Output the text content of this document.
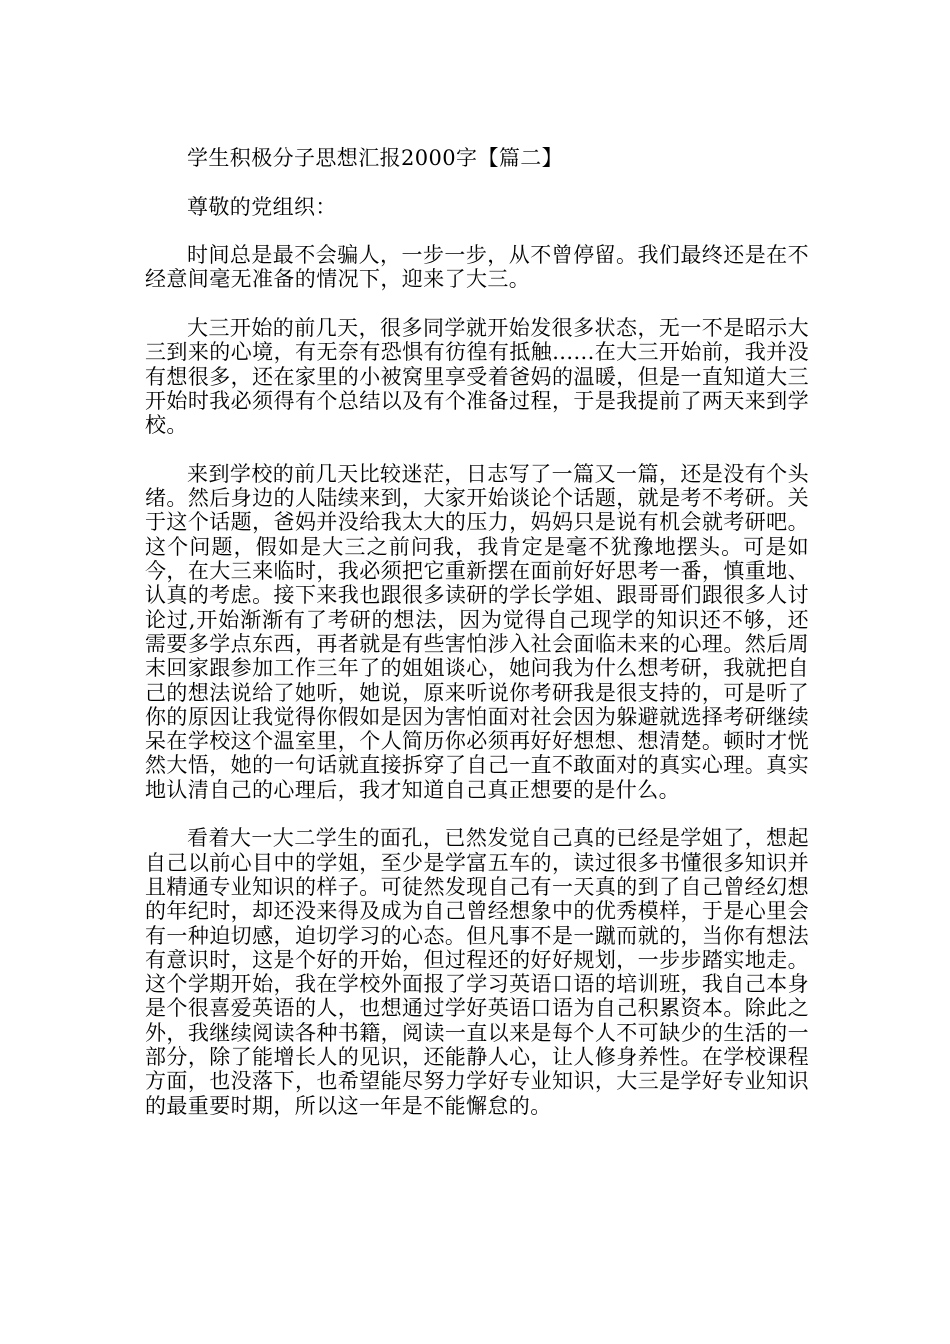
学生积极分子思想汇报2000字【篇二】

尊敬的党组织：

时间总是最不会骗人，一步一步，从不曾停留。我们最终还是在不经意间毫无准备的情况下，迎来了大三。

大三开始的前几天，很多同学就开始发很多状态，无一不是昭示大三到来的心境，有无奈有恐惧有彷徨有抵触......在大三开始前，我并没有想很多，还在家里的小被窝里享受着爸妈的温暖，但是一直知道大三开始时我必须得有个总结以及有个准备过程，于是我提前了两天来到学校。

来到学校的前几天比较迷茫，日志写了一篇又一篇，还是没有个头绪。然后身边的人陆续来到，大家开始谈论个话题，就是考不考研。关于这个话题，爸妈并没给我太大的压力，妈妈只是说有机会就考研吧。这个问题，假如是大三之前问我，我肯定是毫不犹豫地摆头。可是如今，在大三来临时，我必须把它重新摆在面前好好思考一番，慎重地、认真的考虑。接下来我也跟很多读研的学长学姐、跟哥哥们跟很多人讨论过,开始渐渐有了考研的想法，因为觉得自己现学的知识还不够，还需要多学点东西，再者就是有些害怕涉入社会面临未来的心理。然后周末回家跟参加工作三年了的姐姐谈心，她问我为什么想考研，我就把自己的想法说给了她听，她说，原来听说你考研我是很支持的，可是听了你的原因让我觉得你假如是因为害怕面对社会因为躲避就选择考研继续呆在学校这个温室里，个人简历你必须再好好想想、想清楚。顿时才恍然大悟，她的一句话就直接拆穿了自己一直不敢面对的真实心理。真实地认清自己的心理后，我才知道自己真正想要的是什么。

看着大一大二学生的面孔，已然发觉自己真的已经是学姐了，想起自己以前心目中的学姐，至少是学富五车的，读过很多书懂很多知识并且精通专业知识的样子。可徒然发现自己有一天真的到了自己曾经幻想的年纪时，却还没来得及成为自己曾经想象中的优秀模样，于是心里会有一种迫切感，迫切学习的心态。但凡事不是一蹴而就的，当你有想法有意识时，这是个好的开始，但过程还的好好规划，一步步踏实地走。这个学期开始，我在学校外面报了学习英语口语的培训班，我自己本身是个很喜爱英语的人，也想通过学好英语口语为自己积累资本。除此之外，我继续阅读各种书籍，阅读一直以来是每个人不可缺少的生活的一部分，除了能增长人的见识，还能静人心，让人修身养性。在学校课程方面，也没落下，也希望能尽努力学好专业知识，大三是学好专业知识的最重要时期，所以这一年是不能懈怠的。
